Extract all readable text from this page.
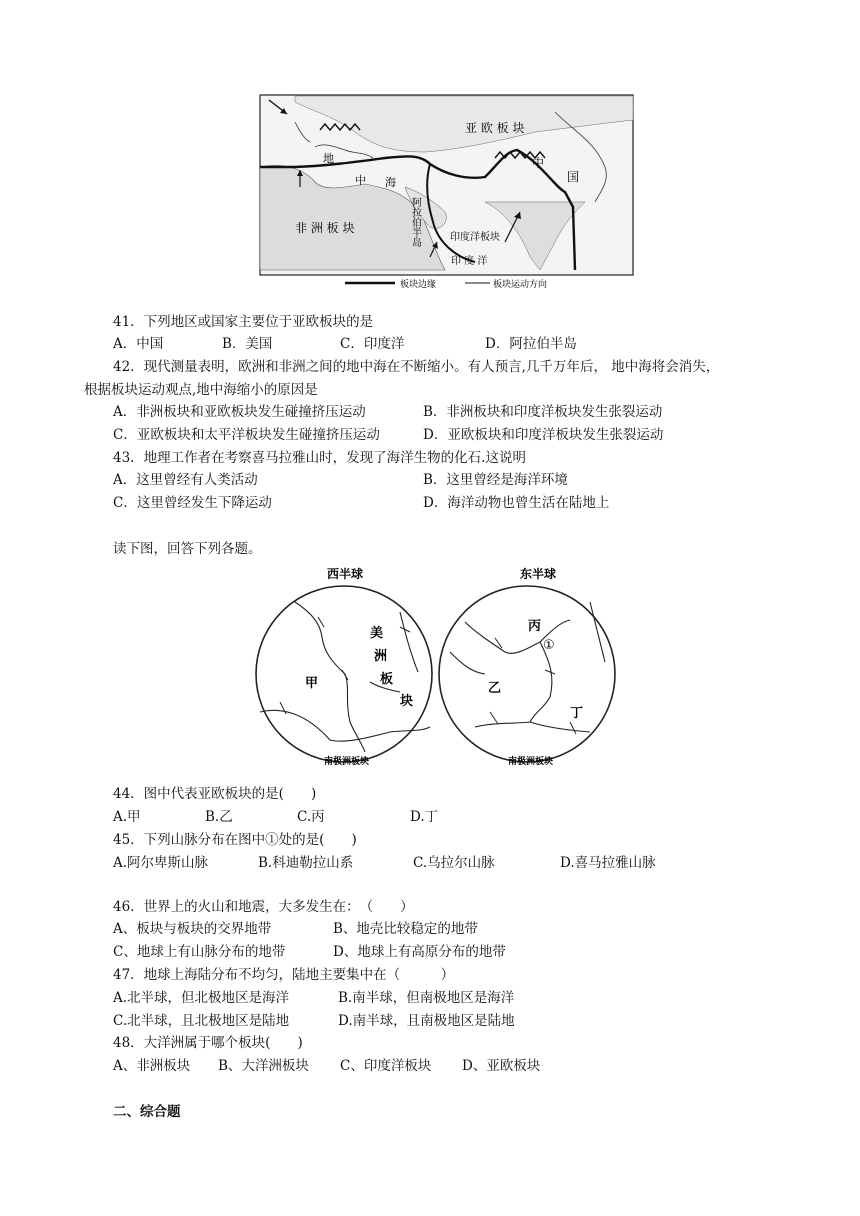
亚 欧 板 块
中
国
非 洲 板 块
印度洋板块
印 度 洋
地
中 海
阿拉伯半岛
板块边缘	板块运动方向
41．下列地区或国家主要位于亚欧板块的是
A．中国	B．美国	C．印度洋	D．阿拉伯半岛
42．现代测量表明，欧洲和非洲之间的地中海在不断缩小。有人预言,几千万年后， 地中海将会消失，
根据板块运动观点,地中海缩小的原因是
A．非洲板块和亚欧板块发生碰撞挤压运动	B．非洲板块和印度洋板块发生张裂运动
C．亚欧板块和太平洋板块发生碰撞挤压运动	D．亚欧板块和印度洋板块发生张裂运动
43．地理工作者在考察喜马拉雅山时，发现了海洋生物的化石.这说明
A．这里曾经有人类活动	B．这里曾经是海洋环境
C．这里曾经发生下降运动	D．海洋动物也曾生活在陆地上
读下图，回答下列各题。
西半球	东半球
甲
美
洲
板
块
丙
①
乙
丁
南极洲板块	南极洲板块
44．图中代表亚欧板块的是(　　)
A.甲	B.乙	C.丙	D.丁
45．下列山脉分布在图中①处的是(　　)
A.阿尔卑斯山脉	B.科迪勒拉山系	C.乌拉尔山脉	D.喜马拉雅山脉
46．世界上的火山和地震，大多发生在：　（　　）
A、板块与板块的交界地带	B、地壳比较稳定的地带
C、地球上有山脉分布的地带	D、地球上有高原分布的地带
47．地球上海陆分布不均匀，陆地主要集中在（　　　）
A.北半球，但北极地区是海洋	B.南半球，但南极地区是海洋
C.北半球，且北极地区是陆地	D.南半球，且南极地区是陆地
48．大洋洲属于哪个板块(　　)
A、非洲板块 B、大洋洲板块 C、印度洋板块 D、亚欧板块
二、综合题
